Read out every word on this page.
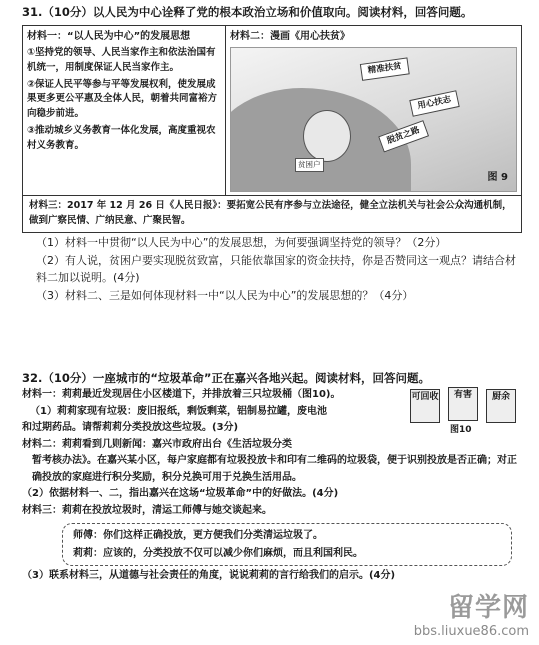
31.（10分）以人民为中心诠释了党的根本政治立场和价值取向。阅读材料，回答问题。
材料一：“以人民为中心”的发展思想
①坚持党的领导、人民当家作主和依法治国有机统一，用制度保证人民当家作主。
②保证人民平等参与平等发展权利，使发展成果更多更公平惠及全体人民，朝着共同富裕方向稳步前进。
③推动城乡义务教育一体化发展，高度重视农村义务教育。
材料二：漫画《用心扶贫》
精准扶贫
用心扶志
脱贫之路
贫困户
图 9
材料三：2017 年 12 月 26 日《人民日报》：要拓宽公民有序参与立法途径，健全立法机关与社会公众沟通机制，做到广察民情、广纳民意、广聚民智。
（1）材料一中贯彻“以人民为中心”的发展思想，为何要强调坚持党的领导？（2分）
（2）有人说，贫困户要实现脱贫致富，只能依靠国家的资金扶持，你是否赞同这一观点？请结合材料二加以说明。(4分)
（3）材料二、三是如何体现材料一中“以人民为中心”的发展思想的？（4分）
32.（10分）一座城市的“垃圾革命”正在嘉兴各地兴起。阅读材料，回答问题。
可回收	有害	厨余
图10
材料一：莉莉最近发现居住小区楼道下，并排放着三只垃圾桶（图10)。
（1）莉莉家现有垃圾：废旧报纸，剩饭剩菜，铝制易拉罐，废电池
和过期药品。请帮莉莉分类投放这些垃圾。(3分)
材料二：莉莉看到几则新闻：嘉兴市政府出台《生活垃圾分类
暂考核办法》。在嘉兴某小区，每户家庭都有垃圾投放卡和印有二维码的垃圾袋，便于识别投放是否正确；对正确投放的家庭进行积分奖励，积分兑换可用于兑换生活用品。
（2）依据材料一、二，指出嘉兴在这场“垃圾革命”中的好做法。(4分)
材料三：莉莉在投放垃圾时，清运工师傅与她交谈起来。
师傅：你们这样正确投放，更方便我们分类清运垃圾了。
莉莉：应该的，分类投放不仅可以减少你们麻烦，而且利国利民。
（3）联系材料三，从道德与社会责任的角度，说说莉莉的言行给我们的启示。(4分)
留学网
bbs.liuxue86.com
